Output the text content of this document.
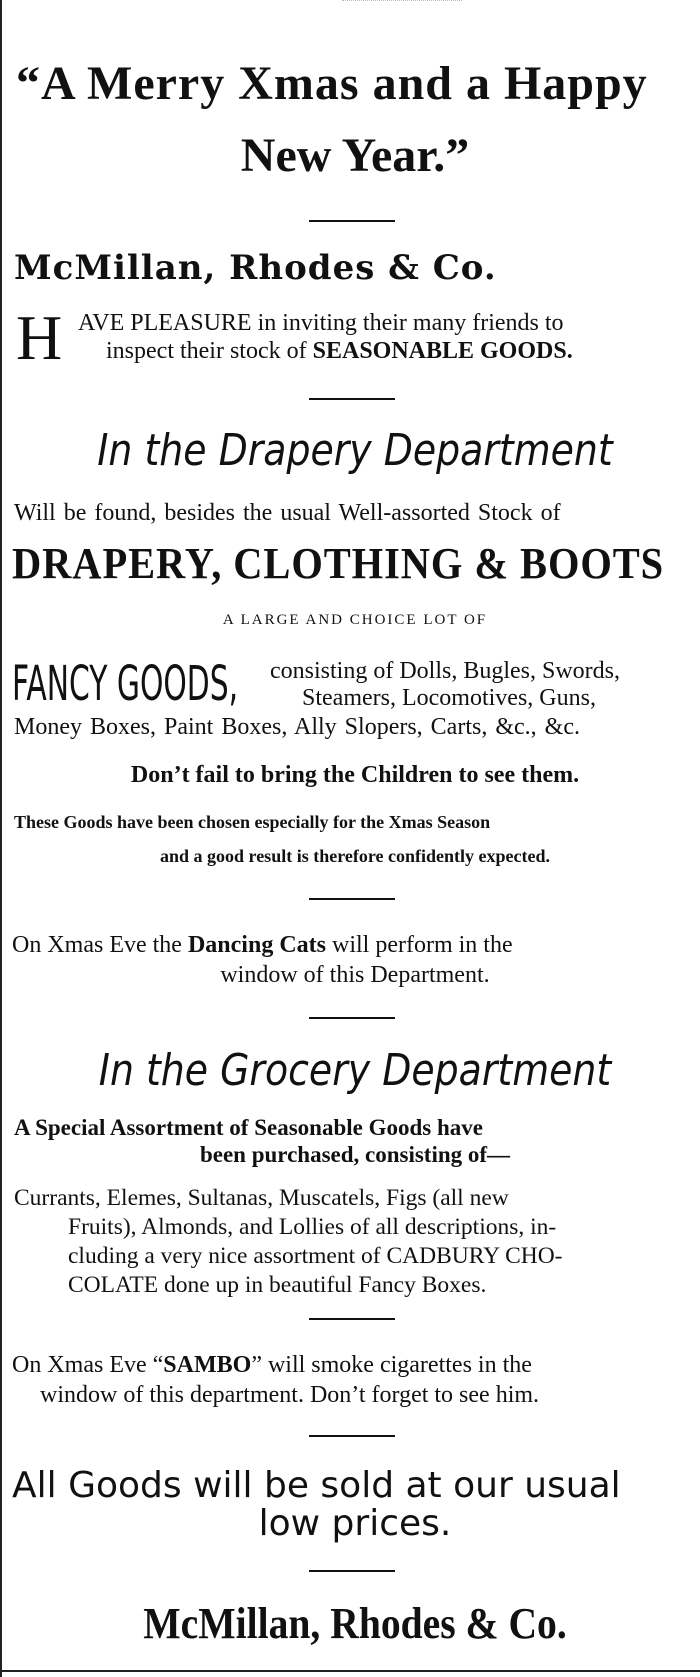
“A Merry Xmas and a Happy
New Year.”
McMillan, Rhodes & Co.
H AVE PLEASURE in inviting their many friends to
inspect their stock of SEASONABLE GOODS.
In the Drapery Department
Will be found, besides the usual Well-assorted Stock of
DRAPERY, CLOTHING & BOOTS
A LARGE AND CHOICE LOT OF
FANCY GOODS,	consisting of Dolls, Bugles, Swords,
Steamers, Locomotives, Guns,
Money Boxes, Paint Boxes, Ally Slopers, Carts, &c., &c.
Don’t fail to bring the Children to see them.
These Goods have been chosen especially for the Xmas Season
and a good result is therefore confidently expected.
On Xmas Eve the Dancing Cats will perform in the
window of this Department.
In the Grocery Department
A Special Assortment of Seasonable Goods have
been purchased, consisting of—
Currants, Elemes, Sultanas, Muscatels, Figs (all new
Fruits), Almonds, and Lollies of all descriptions, in-
cluding a very nice assortment of CADBURY CHO-
COLATE done up in beautiful Fancy Boxes.
On Xmas Eve “SAMBO” will smoke cigarettes in the
window of this department. Don’t forget to see him.
All Goods will be sold at our usual
low prices.
McMillan, Rhodes & Co.
